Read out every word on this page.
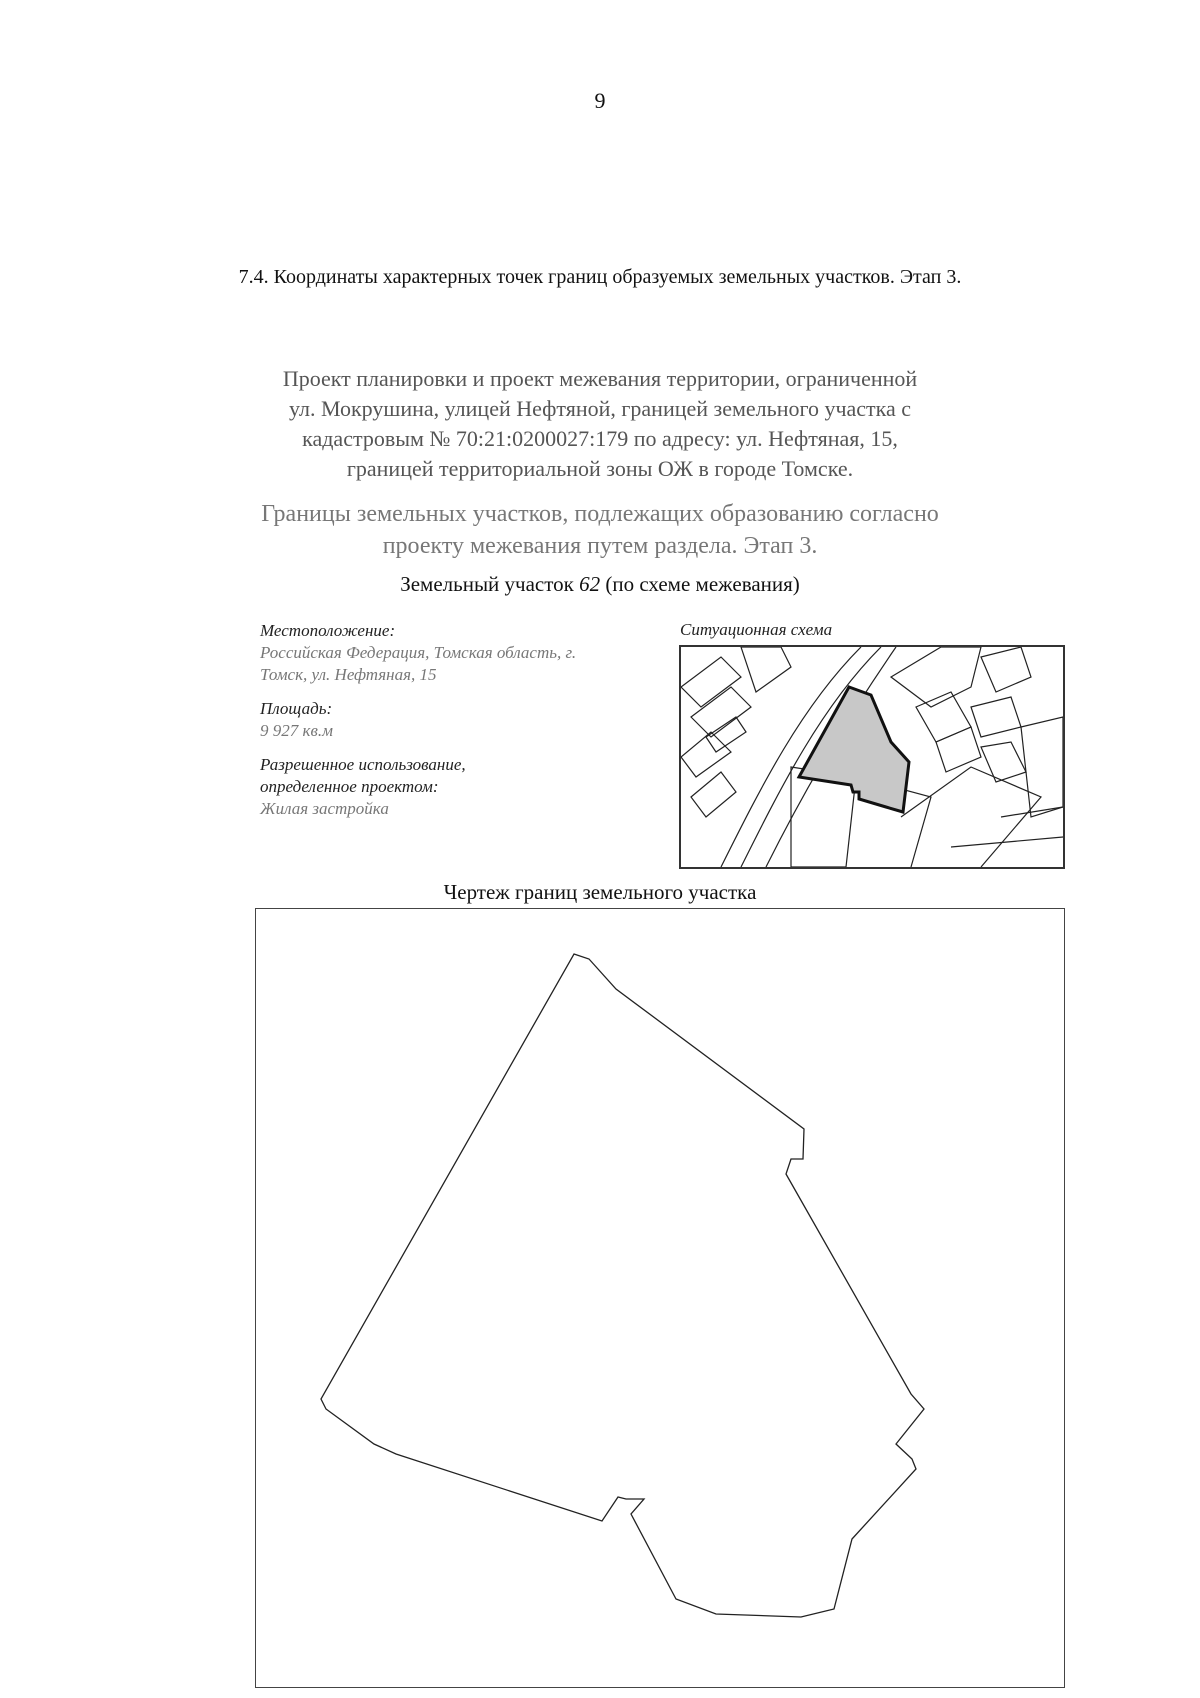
9
7.4. Координаты характерных точек границ образуемых земельных участков. Этап 3.
Проект планировки и проект межевания территории, ограниченной
ул. Мокрушина, улицей Нефтяной, границей земельного участка с
кадастровым № 70:21:0200027:179 по адресу: ул. Нефтяная, 15,
границей территориальной зоны ОЖ в городе Томске.
Границы земельных участков, подлежащих образованию согласно
проекту межевания путем раздела. Этап 3.
Земельный участок 62 (по схеме межевания)
Местоположение:
Российская Федерация, Томская область, г. Томск, ул. Нефтяная, 15
Площадь:
9 927 кв.м
Разрешенное использование, определенное проектом:
Жилая застройка
Ситуационная схема
Чертеж границ земельного участка
